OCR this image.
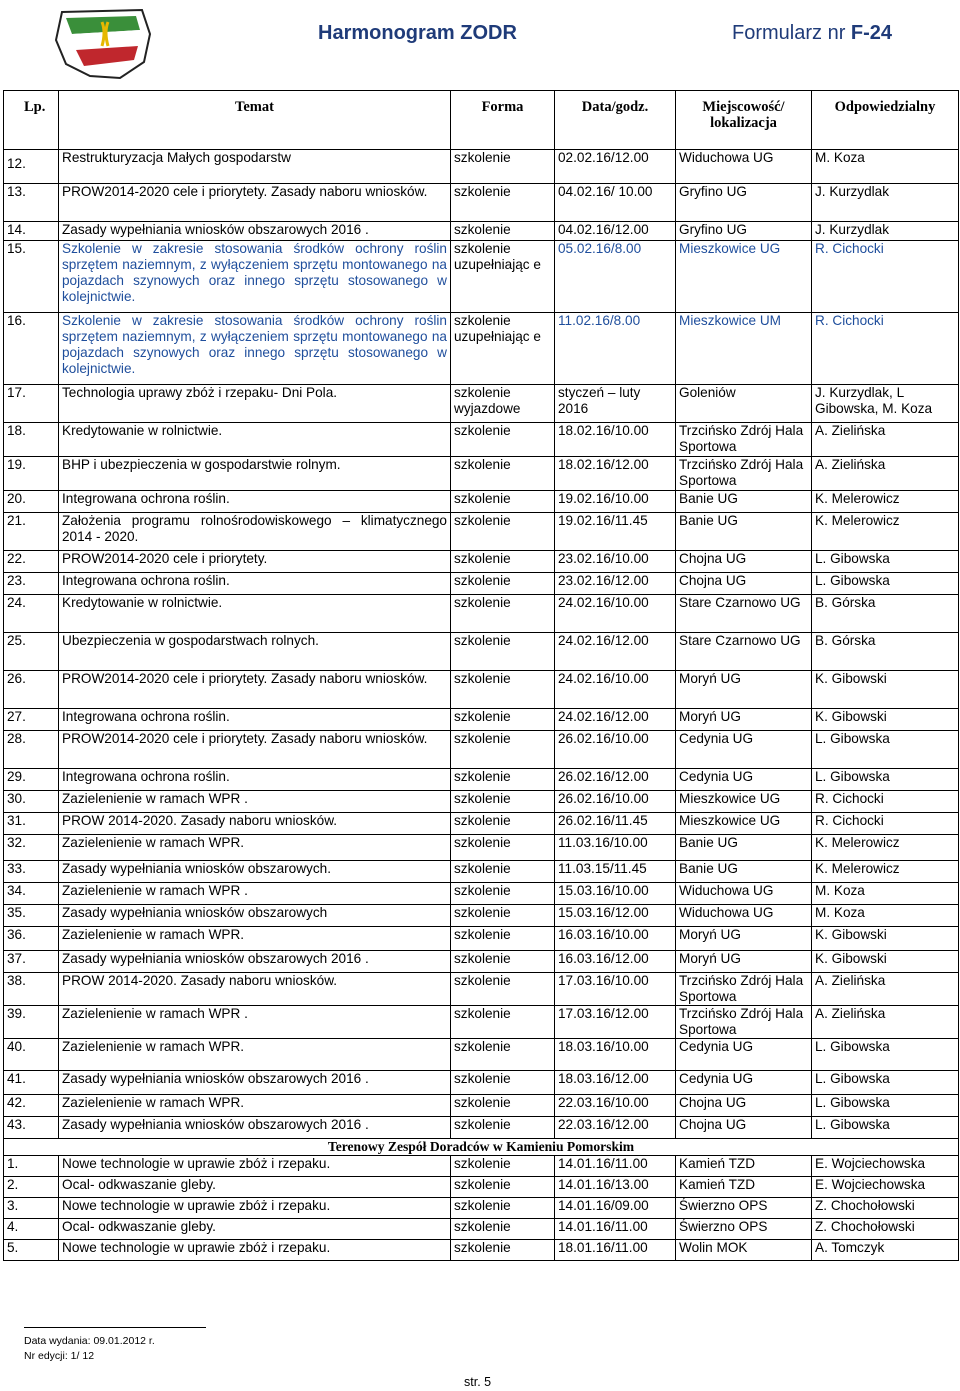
Harmonogram ZODR	Formularz nr F-24
Lp.	Temat	Forma	Data/godz.	Miejscowość/ lokalizacja	Odpowiedzialny
12.	Restrukturyzacja Małych gospodarstw	szkolenie	02.02.16/12.00	Widuchowa UG	M. Koza
13.	PROW2014-2020 cele i priorytety. Zasady naboru wniosków.	szkolenie	04.02.16/ 10.00	Gryfino UG	J. Kurzydlak
14.	Zasady wypełniania wniosków obszarowych 2016 .	szkolenie	04.02.16/12.00	Gryfino UG	J. Kurzydlak
15.	Szkolenie w zakresie stosowania środków ochrony roślin sprzętem naziemnym, z wyłączeniem sprzętu montowanego na pojazdach szynowych oraz innego sprzętu stosowanego w kolejnictwie.	szkolenie uzupełniając e	05.02.16/8.00	Mieszkowice UG	R. Cichocki
16.	Szkolenie w zakresie stosowania środków ochrony roślin sprzętem naziemnym, z wyłączeniem sprzętu montowanego na pojazdach szynowych oraz innego sprzętu stosowanego w kolejnictwie.	szkolenie uzupełniając e	11.02.16/8.00	Mieszkowice UM	R. Cichocki
17.	Technologia uprawy zbóż i rzepaku- Dni Pola.	szkolenie wyjazdowe	styczeń – luty 2016	Goleniów	J. Kurzydlak, L Gibowska, M. Koza
18.	Kredytowanie w rolnictwie.	szkolenie	18.02.16/10.00	Trzcińsko Zdrój Hala Sportowa	A. Zielińska
19.	BHP i ubezpieczenia w gospodarstwie rolnym.	szkolenie	18.02.16/12.00	Trzcińsko Zdrój Hala Sportowa	A. Zielińska
20.	Integrowana ochrona roślin.	szkolenie	19.02.16/10.00	Banie UG	K. Melerowicz
21.	Założenia programu rolnośrodowiskowego – klimatycznego 2014 - 2020.	szkolenie	19.02.16/11.45	Banie UG	K. Melerowicz
22.	PROW2014-2020 cele i priorytety.	szkolenie	23.02.16/10.00	Chojna UG	L. Gibowska
23.	Integrowana ochrona roślin.	szkolenie	23.02.16/12.00	Chojna UG	L. Gibowska
24.	Kredytowanie w rolnictwie.	szkolenie	24.02.16/10.00	Stare Czarnowo UG	B. Górska
25.	Ubezpieczenia w gospodarstwach rolnych.	szkolenie	24.02.16/12.00	Stare Czarnowo UG	B. Górska
26.	PROW2014-2020 cele i priorytety. Zasady naboru wniosków.	szkolenie	24.02.16/10.00	Moryń UG	K. Gibowski
27.	Integrowana ochrona roślin.	szkolenie	24.02.16/12.00	Moryń UG	K. Gibowski
28.	PROW2014-2020 cele i priorytety. Zasady naboru wniosków.	szkolenie	26.02.16/10.00	Cedynia UG	L. Gibowska
29.	Integrowana ochrona roślin.	szkolenie	26.02.16/12.00	Cedynia UG	L. Gibowska
30.	Zazielenienie w ramach WPR .	szkolenie	26.02.16/10.00	Mieszkowice UG	R. Cichocki
31.	PROW 2014-2020. Zasady naboru wniosków.	szkolenie	26.02.16/11.45	Mieszkowice UG	R. Cichocki
32.	Zazielenienie w ramach WPR.	szkolenie	11.03.16/10.00	Banie UG	K. Melerowicz
33.	Zasady wypełniania wniosków obszarowych.	szkolenie	11.03.15/11.45	Banie UG	K. Melerowicz
34.	Zazielenienie w ramach WPR .	szkolenie	15.03.16/10.00	Widuchowa UG	M. Koza
35.	Zasady wypełniania wniosków obszarowych	szkolenie	15.03.16/12.00	Widuchowa UG	M. Koza
36.	Zazielenienie w ramach WPR.	szkolenie	16.03.16/10.00	Moryń UG	K. Gibowski
37.	Zasady wypełniania wniosków obszarowych 2016 .	szkolenie	16.03.16/12.00	Moryń UG	K. Gibowski
38.	PROW 2014-2020. Zasady naboru wniosków.	szkolenie	17.03.16/10.00	Trzcińsko Zdrój Hala Sportowa	A. Zielińska
39.	Zazielenienie w ramach WPR .	szkolenie	17.03.16/12.00	Trzcińsko Zdrój Hala Sportowa	A. Zielińska
40.	Zazielenienie w ramach WPR.	szkolenie	18.03.16/10.00	Cedynia UG	L. Gibowska
41.	Zasady wypełniania wniosków obszarowych 2016 .	szkolenie	18.03.16/12.00	Cedynia UG	L. Gibowska
42.	Zazielenienie w ramach WPR.	szkolenie	22.03.16/10.00	Chojna UG	L. Gibowska
43.	Zasady wypełniania wniosków obszarowych 2016 .	szkolenie	22.03.16/12.00	Chojna UG	L. Gibowska
Terenowy Zespół Doradców w Kamieniu Pomorskim					
1.	Nowe technologie w uprawie zbóż i rzepaku.	szkolenie	14.01.16/11.00	Kamień TZD	E. Wojciechowska
2.	Ocal- odkwaszanie gleby.	szkolenie	14.01.16/13.00	Kamień TZD	E. Wojciechowska
3.	Nowe technologie w uprawie zbóż i rzepaku.	szkolenie	14.01.16/09.00	Świerzno OPS	Z. Chochołowski
4.	Ocal- odkwaszanie gleby.	szkolenie	14.01.16/11.00	Świerzno OPS	Z. Chochołowski
5.	Nowe technologie w uprawie zbóż i rzepaku.	szkolenie	18.01.16/11.00	Wolin MOK	A. Tomczyk
Data wydania: 09.01.2012 r.
Nr edycji: 1/ 12
str. 5
